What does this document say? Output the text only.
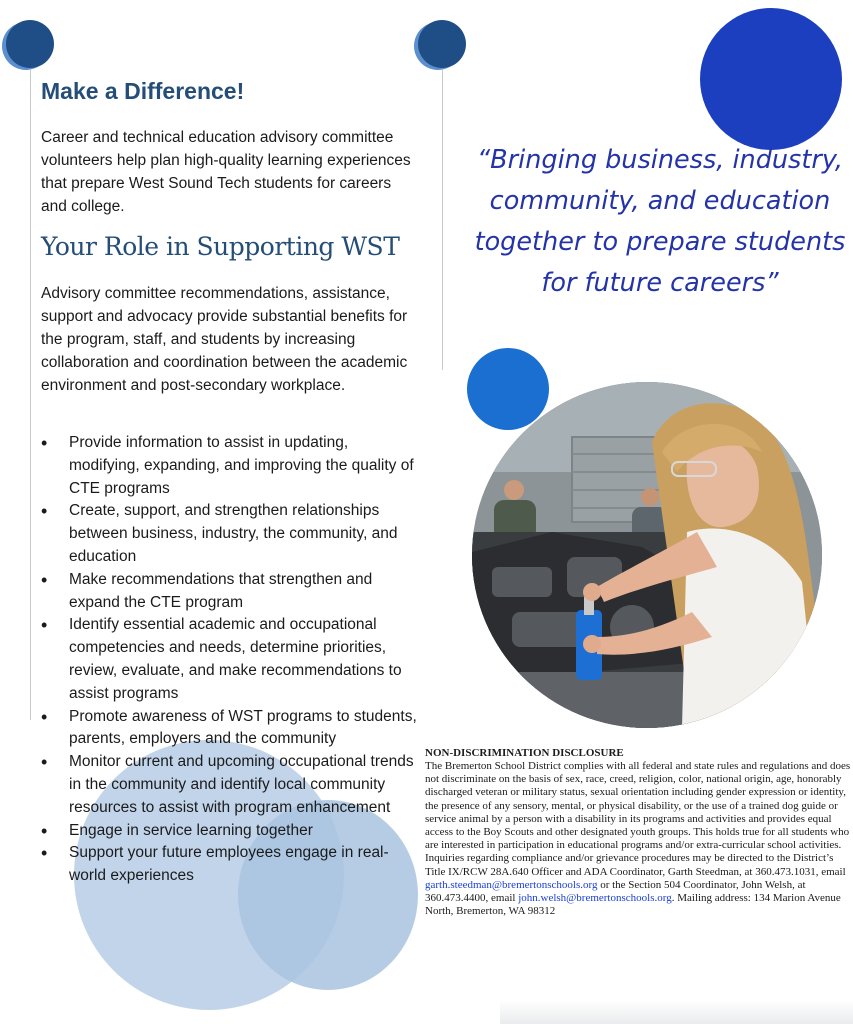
Make a Difference!

Career and technical education advisory committee volunteers help plan high-quality learning experiences that prepare West Sound Tech students for careers and college.

Your Role in Supporting WST

Advisory committee recommendations, assistance, support and advocacy provide substantial benefits for the program, staff, and students by increasing collaboration and coordination between the academic environment and post-secondary workplace.

• Provide information to assist in updating, modifying, expanding, and improving the quality of CTE programs
• Create, support, and strengthen relationships between business, industry, the community, and education
• Make recommendations that strengthen and expand the CTE program
• Identify essential academic and occupational competencies and needs, determine priorities, review, evaluate, and make recommendations to assist programs
• Promote awareness of WST programs to students, parents, employers and the community
• Monitor current and upcoming occupational trends in the community and identify local community resources to assist with program enhancement
• Engage in service learning together
• Support your future employees engage in real-world experiences
“Bringing business, industry, community, and education together to prepare students for future careers”
NON-DISCRIMINATION DISCLOSURE
The Bremerton School District complies with all federal and state rules and regulations and does not discriminate on the basis of sex, race, creed, religion, color, national origin, age, honorably discharged veteran or military status, sexual orientation including gender expression or identity, the presence of any sensory, mental, or physical disability, or the use of a trained dog guide or service animal by a person with a disability in its programs and activities and provides equal access to the Boy Scouts and other designated youth groups. This holds true for all students who are interested in participation in educational programs and/or extra-curricular school activities. Inquiries regarding compliance and/or grievance procedures may be directed to the District’s Title IX/RCW 28A.640 Officer and ADA Coordinator, Garth Steedman, at 360.473.1031, email garth.steedman@bremertonschools.org or the Section 504 Coordinator, John Welsh, at 360.473.4400, email john.welsh@bremertonschools.org. Mailing address: 134 Marion Avenue North, Bremerton, WA 98312
